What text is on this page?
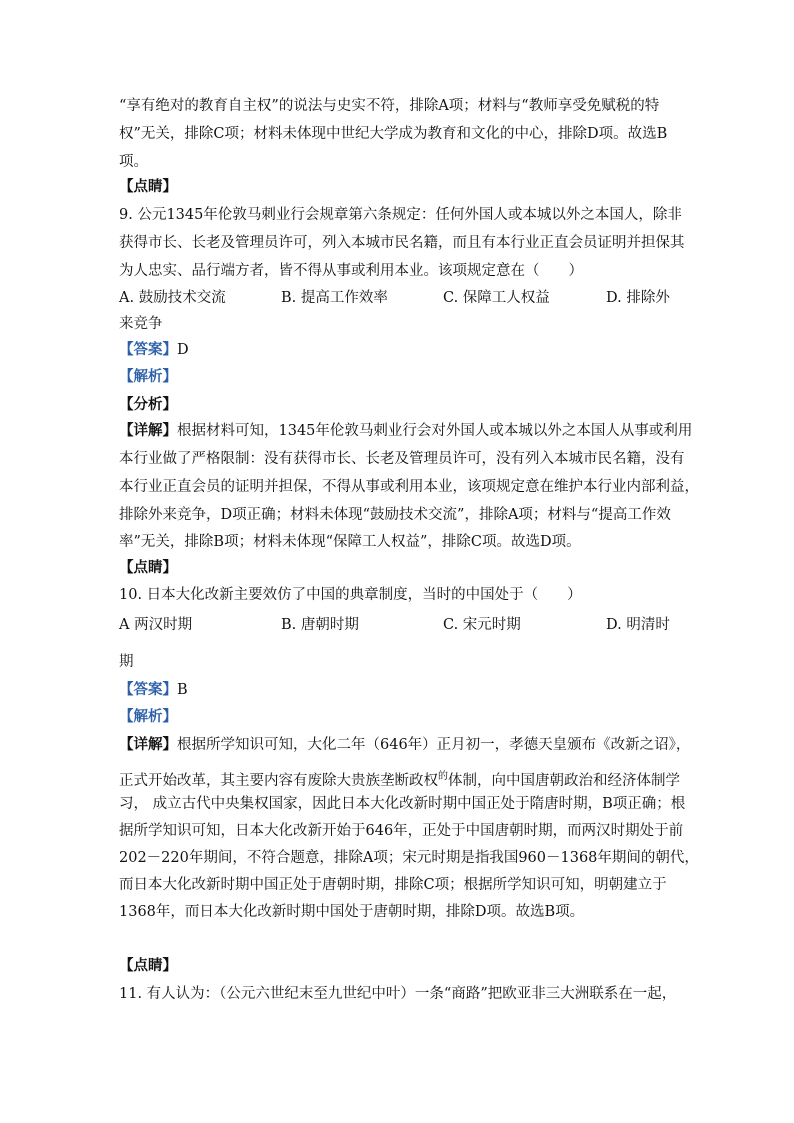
“享有绝对的教育自主权”的说法与史实不符，排除A项；材料与“教师享受免赋税的特
权”无关，排除C项；材料未体现中世纪大学成为教育和文化的中心，排除D项。故选B
项。
【点睛】
9. 公元1345年伦敦马刺业行会规章第六条规定：任何外国人或本城以外之本国人，除非
获得市长、长老及管理员许可，列入本城市民名籍，而且有本行业正直会员证明并担保其
为人忠实、品行端方者，皆不得从事或利用本业。该项规定意在（　　）
A. 鼓励技术交流	B. 提高工作效率	C. 保障工人权益	D. 排除外
来竞争
【答案】D
【解析】
【分析】
【详解】根据材料可知，1345年伦敦马刺业行会对外国人或本城以外之本国人从事或利用
本行业做了严格限制：没有获得市长、长老及管理员许可，没有列入本城市民名籍，没有
本行业正直会员的证明并担保，不得从事或利用本业，该项规定意在维护本行业内部利益，
排除外来竞争，D项正确；材料未体现“鼓励技术交流”，排除A项；材料与“提高工作效
率”无关，排除B项；材料未体现“保障工人权益”，排除C项。故选D项。
【点睛】
10. 日本大化改新主要效仿了中国的典章制度，当时的中国处于（　　）
A 两汉时期	B. 唐朝时期	C. 宋元时期	D. 明清时
期
【答案】B
【解析】
【详解】根据所学知识可知，大化二年（646年）正月初一，孝德天皇颁布《改新之诏》，
正式开始改革，其主要内容有废除大贵族垄断政权$^的$体制，向中国唐朝政治和经济体制学
习， 成立古代中央集权国家，因此日本大化改新时期中国正处于隋唐时期，B项正确；根
据所学知识可知，日本大化改新开始于646年，正处于中国唐朝时期，而两汉时期处于前
202－220年期间，不符合题意，排除A项；宋元时期是指我国960－1368年期间的朝代，
而日本大化改新时期中国正处于唐朝时期，排除C项；根据所学知识可知，明朝建立于
1368年，而日本大化改新时期中国处于唐朝时期，排除D项。故选B项。
【点睛】
11. 有人认为：（公元六世纪末至九世纪中叶）一条“商路”把欧亚非三大洲联系在一起，
